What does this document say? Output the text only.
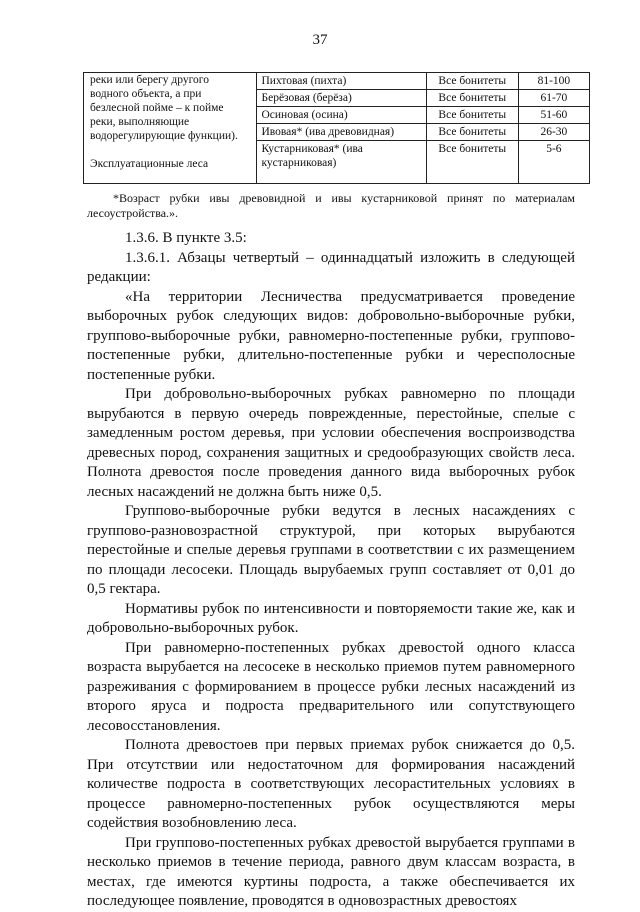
37
реки или берегу другого водного объекта, а при безлесной пойме – к пойме реки, выполняющие водорегулирующие функции).
Эксплуатационные леса	Пихтовая (пихта)	Все бонитеты	81-100
	Берёзовая (берёза)	Все бонитеты	61-70
	Осиновая (осина)	Все бонитеты	51-60
	Ивовая* (ива древовидная)	Все бонитеты	26-30
	Кустарниковая* (ива кустарниковая)	Все бонитеты	5-6

*Возраст рубки ивы древовидной и ивы кустарниковой принят по материалам лесоустройства.».

1.3.6. В пункте 3.5:

1.3.6.1. Абзацы четвертый – одиннадцатый изложить в следующей редакции:

«На территории Лесничества предусматривается проведение выборочных рубок следующих видов: добровольно-выборочные рубки, группово-выборочные рубки, равномерно-постепенные рубки, группово-постепенные рубки, длительно-постепенные рубки и чересполосные постепенные рубки.

При добровольно-выборочных рубках равномерно по площади вырубаются в первую очередь поврежденные, перестойные, спелые с замедленным ростом деревья, при условии обеспечения воспроизводства древесных пород, сохранения защитных и средообразующих свойств леса. Полнота древостоя после проведения данного вида выборочных рубок лесных насаждений не должна быть ниже 0,5.

Группово-выборочные рубки ведутся в лесных насаждениях с группово-разновозрастной структурой, при которых вырубаются перестойные и спелые деревья группами в соответствии с их размещением по площади лесосеки. Площадь вырубаемых групп составляет от 0,01 до 0,5 гектара.

Нормативы рубок по интенсивности и повторяемости такие же, как и добровольно-выборочных рубок.

При равномерно-постепенных рубках древостой одного класса возраста вырубается на лесосеке в несколько приемов путем равномерного разреживания с формированием в процессе рубки лесных насаждений из второго яруса и подроста предварительного или сопутствующего лесовосстановления.

Полнота древостоев при первых приемах рубок снижается до 0,5. При отсутствии или недостаточном для формирования насаждений количестве подроста в соответствующих лесорастительных условиях в процессе равномерно-постепенных рубок осуществляются меры содействия возобновлению леса.

При группово-постепенных рубках древостой вырубается группами в несколько приемов в течение периода, равного двум классам возраста, в местах, где имеются куртины подроста, а также обеспечивается их последующее появление, проводятся в одновозрастных древостоях
